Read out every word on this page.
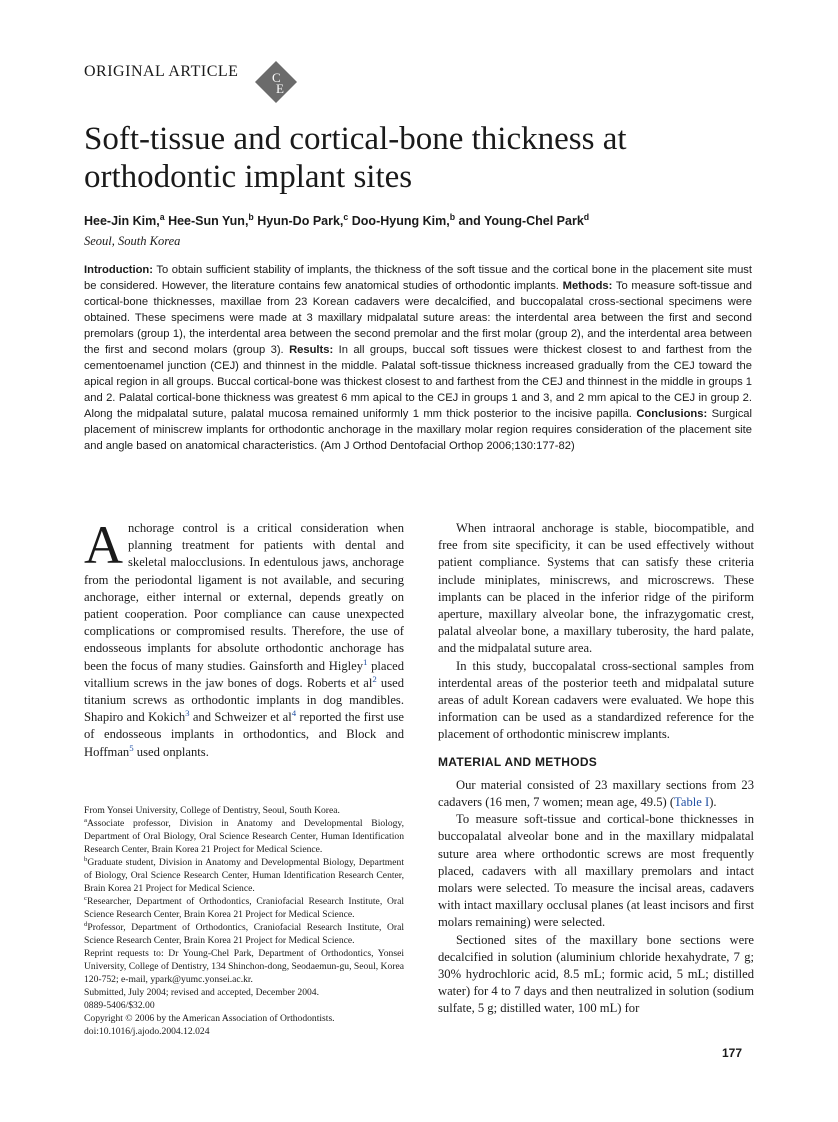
ORIGINAL ARTICLE	C
E
Soft-tissue and cortical-bone thickness at orthodontic implant sites
Hee-Jin Kim,$^a$ Hee-Sun Yun,$^b$ Hyun-Do Park,$^c$ Doo-Hyung Kim,$^b$ and Young-Chel Park$^d$
Seoul, South Korea

Introduction: To obtain sufficient stability of implants, the thickness of the soft tissue and the cortical bone in the placement site must be considered. However, the literature contains few anatomical studies of orthodontic implants. Methods: To measure soft-tissue and cortical-bone thicknesses, maxillae from 23 Korean cadavers were decalcified, and buccopalatal cross-sectional specimens were obtained. These specimens were made at 3 maxillary midpalatal suture areas: the interdental area between the first and second premolars (group 1), the interdental area between the second premolar and the first molar (group 2), and the interdental area between the first and second molars (group 3). Results: In all groups, buccal soft tissues were thickest closest to and farthest from the cementoenamel junction (CEJ) and thinnest in the middle. Palatal soft-tissue thickness increased gradually from the CEJ toward the apical region in all groups. Buccal cortical-bone was thickest closest to and farthest from the CEJ and thinnest in the middle in groups 1 and 2. Palatal cortical-bone thickness was greatest 6 mm apical to the CEJ in groups 1 and 3, and 2 mm apical to the CEJ in group 2. Along the midpalatal suture, palatal mucosa remained uniformly 1 mm thick posterior to the incisive papilla. Conclusions: Surgical placement of miniscrew implants for orthodontic anchorage in the maxillary molar region requires consideration of the placement site and angle based on anatomical characteristics. (Am J Orthod Dentofacial Orthop 2006;130:177-82)

Anchorage control is a critical consideration when planning treatment for patients with dental and skeletal malocclusions. In edentulous jaws, anchorage from the periodontal ligament is not available, and securing anchorage, either internal or external, depends greatly on patient cooperation. Poor compliance can cause unexpected complications or compromised results. Therefore, the use of endosseous implants for absolute orthodontic anchorage has been the focus of many studies. Gainsforth and Higley$^1$ placed vitallium screws in the jaw bones of dogs. Roberts et $al^2$ used titanium screws as orthodontic implants in dog mandibles. Shapiro and Kokich$^3$ and Schweizer et $al^4$ reported the first use of endosseous implants in orthodontics, and Block and Hoffman$^5$ used onplants.

From Yonsei University, College of Dentistry, Seoul, South Korea.

$^a$Associate professor, Division in Anatomy and Developmental Biology, Department of Oral Biology, Oral Science Research Center, Human Identification Research Center, Brain Korea 21 Project for Medical Science.

$^b$Graduate student, Division in Anatomy and Developmental Biology, Department of Biology, Oral Science Research Center, Human Identification Research Center, Brain Korea 21 Project for Medical Science.

$^c$Researcher, Department of Orthodontics, Craniofacial Research Institute, Oral Science Research Center, Brain Korea 21 Project for Medical Science.

$^d$Professor, Department of Orthodontics, Craniofacial Research Institute, Oral Science Research Center, Brain Korea 21 Project for Medical Science.

Reprint requests to: Dr Young-Chel Park, Department of Orthodontics, Yonsei University, College of Dentistry, 134 Shinchon-dong, Seodaemun-gu, Seoul, Korea 120-752; e-mail, ypark@yumc.yonsei.ac.kr.

Submitted, July 2004; revised and accepted, December 2004.

0889-5406/$32.00

Copyright © 2006 by the American Association of Orthodontists.

doi:10.1016/j.ajodo.2004.12.024

When intraoral anchorage is stable, biocompatible, and free from site specificity, it can be used effectively without patient compliance. Systems that can satisfy these criteria include miniplates, miniscrews, and microscrews. These implants can be placed in the inferior ridge of the piriform aperture, maxillary alveolar bone, the infrazygomatic crest, palatal alveolar bone, a maxillary tuberosity, the hard palate, and the midpalatal suture area.

In this study, buccopalatal cross-sectional samples from interdental areas of the posterior teeth and midpalatal suture areas of adult Korean cadavers were evaluated. We hope this information can be used as a standardized reference for the placement of orthodontic miniscrew implants.

MATERIAL AND METHODS

Our material consisted of 23 maxillary sections from 23 cadavers (16 men, 7 women; mean age, 49.5) (Table I).

To measure soft-tissue and cortical-bone thicknesses in buccopalatal alveolar bone and in the maxillary midpalatal suture area where orthodontic screws are most frequently placed, cadavers with all maxillary premolars and intact molars were selected. To measure the incisal areas, cadavers with intact maxillary occlusal planes (at least incisors and first molars remaining) were selected.

Sectioned sites of the maxillary bone sections were decalcified in solution (aluminium chloride hexahydrate, 7 g; 30% hydrochloric acid, 8.5 mL; formic acid, 5 mL; distilled water) for 4 to 7 days and then neutralized in solution (sodium sulfate, 5 g; distilled water, 100 mL) for

177
